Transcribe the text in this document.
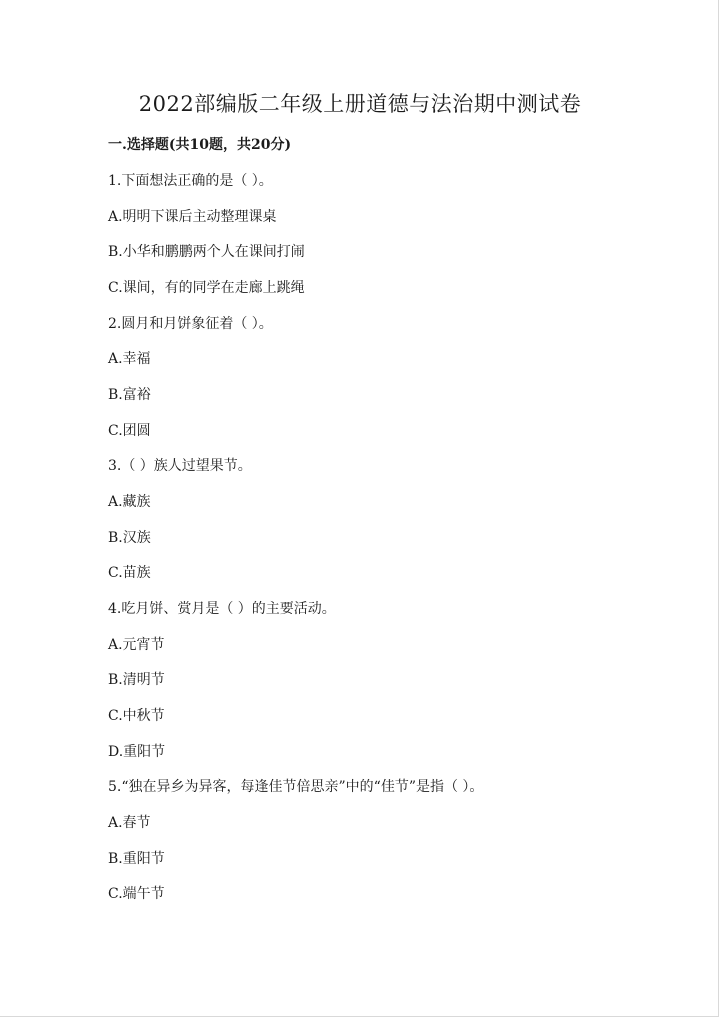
2022部编版二年级上册道德与法治期中测试卷
一.选择题(共10题，共20分)
1.下面想法正确的是（ ）。
A.明明下课后主动整理课桌
B.小华和鹏鹏两个人在课间打闹
C.课间，有的同学在走廊上跳绳
2.圆月和月饼象征着（ ）。
A.幸福
B.富裕
C.团圆
3.（ ）族人过望果节。
A.藏族
B.汉族
C.苗族
4.吃月饼、赏月是（ ）的主要活动。
A.元宵节
B.清明节
C.中秋节
D.重阳节
5.“独在异乡为异客，每逢佳节倍思亲”中的“佳节”是指（ ）。
A.春节
B.重阳节
C.端午节
